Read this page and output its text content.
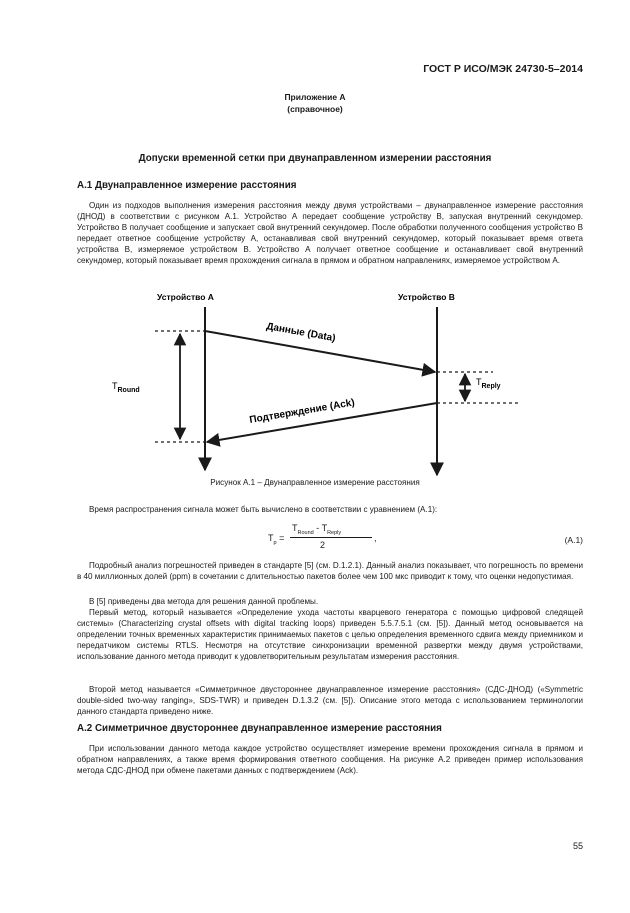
ГОСТ Р ИСО/МЭК 24730-5–2014
Приложение А
(справочное)
Допуски временной сетки при двунаправленном измерении расстояния
А.1 Двунаправленное измерение расстояния

Один из подходов выполнения измерения расстояния между двумя устройствами – двунаправленное измерение расстояния (ДНОД) в соответствии с рисунком А.1. Устройство А передает сообщение устройству В, запуская внутренний секундомер. Устройство В получает сообщение и запускает свой внутренний секундомер. После обработки полученного сообщения устройство В передает ответное сообщение устройству А, останавливая свой внутренний секундомер, который показывает время ответа устройства В, измеряемое устройством В. Устройство А получает ответное сообщение и останавливает свой внутренний секундомер, который показывает время прохождения сигнала в прямом и обратном направлениях, измеряемое устройством А.

Устройство А	Устройство В
$T_{Round}$
$T_{Reply}$
Данные (Data)
Подтверждение (Ack)
Рисунок А.1 – Двунаправленное измерение расстояния

Время распространения сигнала может быть вычислено в соответствии с уравнением (А.1):

$T_p$ =
$T_{Round} - T_{Reply}$
2
,	(А.1)

Подробный анализ погрешностей приведен в стандарте [5] (см. D.1.2.1). Данный анализ показывает, что погрешность по времени в 40 миллионных долей (ppm) в сочетании с длительностью пакетов более чем 100 мкс приводит к тому, что оценки недопустимая.

В [5] приведены два метода для решения данной проблемы.

Первый метод, который называется «Определение ухода частоты кварцевого генератора с помощью цифровой следящей системы» (Characterizing crystal offsets with digital tracking loops) приведен 5.5.7.5.1 (см. [5]). Данный метод основывается на определении точных временных характеристик принимаемых пакетов с целью определения временного сдвига между приемником и передатчиком системы RTLS. Несмотря на отсутствие синхронизации временной развертки между двумя устройствами, использование данного метода приводит к удовлетворительным результатам измерения расстояния.

Второй метод называется «Симметричное двустороннее двунаправленное измерение расстояния» (СДС-ДНОД) («Symmetric double-sided two-way ranging», SDS-TWR) и приведен D.1.3.2 (см. [5]). Описание этого метода с использованием терминологии данного стандарта приведено ниже.

А.2 Симметричное двустороннее двунаправленное измерение расстояния

При использовании данного метода каждое устройство осуществляет измерение времени прохождения сигнала в прямом и обратном направлениях, а также время формирования ответного сообщения. На рисунке А.2 приведен пример использования метода СДС-ДНОД при обмене пакетами данных с подтверждением (Ack).

55
